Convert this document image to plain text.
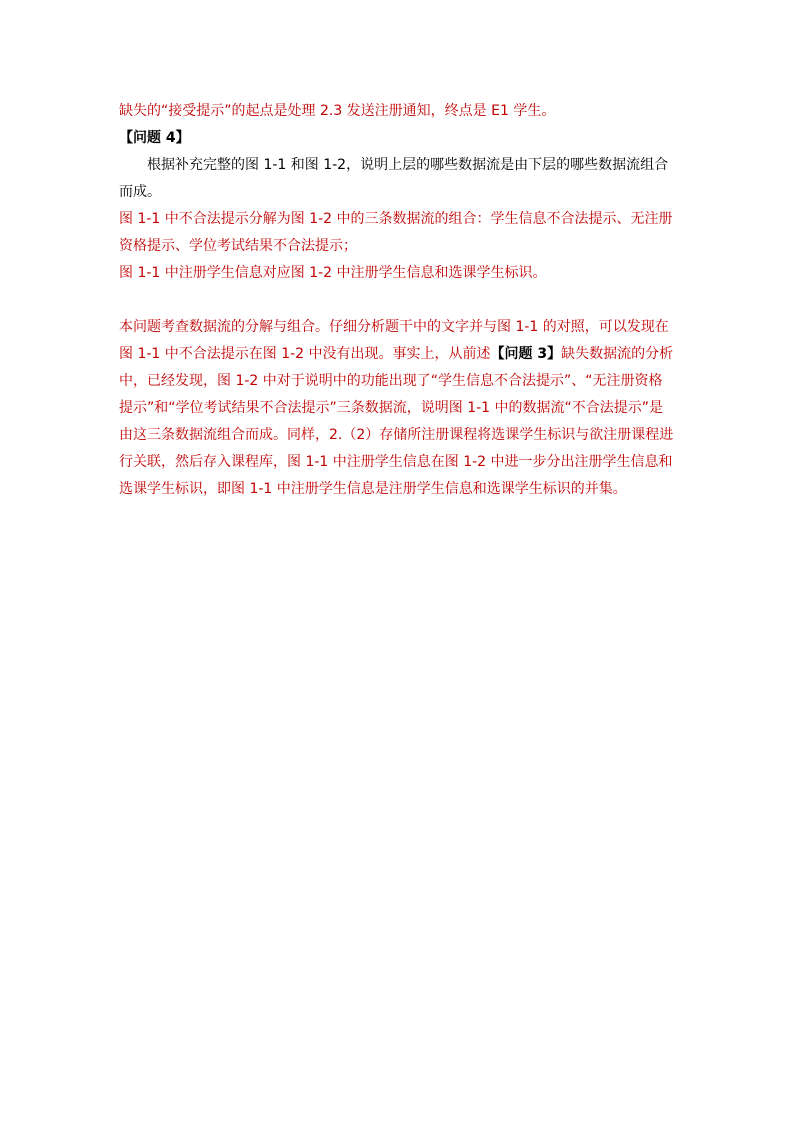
缺失的“接受提示”的起点是处理 2.3 发送注册通知，终点是 E1 学生。

【问题 4】

根据补充完整的图 1-1 和图 1-2，说明上层的哪些数据流是由下层的哪些数据流组合而成。

图 1-1 中不合法提示分解为图 1-2 中的三条数据流的组合：学生信息不合法提示、无注册资格提示、学位考试结果不合法提示；

图 1-1 中注册学生信息对应图 1-2 中注册学生信息和选课学生标识。

本问题考查数据流的分解与组合。仔细分析题干中的文字并与图 1-1 的对照，可以发现在图 1-1 中不合法提示在图 1-2 中没有出现。事实上，从前述【问题 3】缺失数据流的分析中，已经发现，图 1-2 中对于说明中的功能出现了“学生信息不合法提示”、“无注册资格提示”和“学位考试结果不合法提示”三条数据流，说明图 1-1 中的数据流“不合法提示”是由这三条数据流组合而成。同样，2.（2）存储所注册课程将选课学生标识与欲注册课程进行关联，然后存入课程库，图 1-1 中注册学生信息在图 1-2 中进一步分出注册学生信息和选课学生标识，即图 1-1 中注册学生信息是注册学生信息和选课学生标识的并集。
